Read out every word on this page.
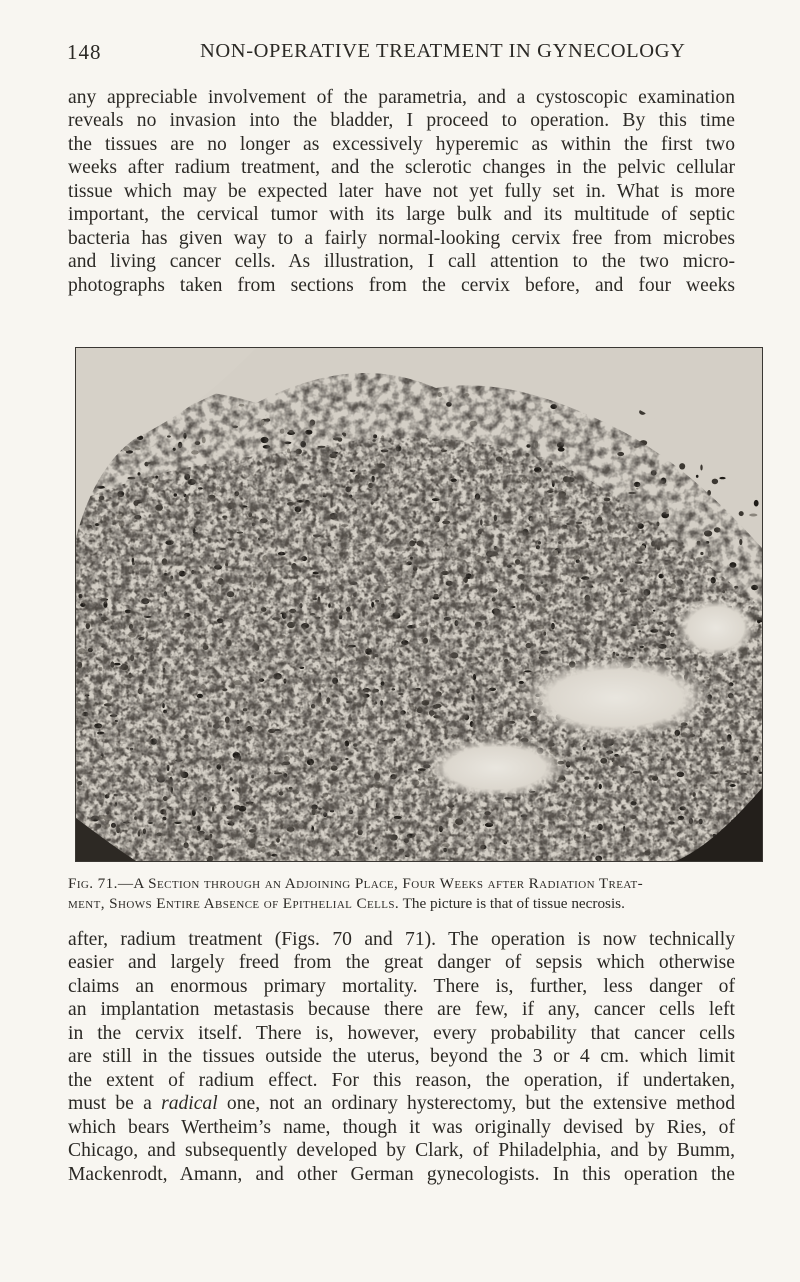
148	NON-OPERATIVE TREATMENT IN GYNECOLOGY

any appreciable involvement of the parametria, and a cystoscopic examination
reveals no invasion into the bladder, I proceed to operation. By this time
the tissues are no longer as excessively hyperemic as within the first two
weeks after radium treatment, and the sclerotic changes in the pelvic cellular
tissue which may be expected later have not yet fully set in. What is more
important, the cervical tumor with its large bulk and its multitude of septic
bacteria has given way to a fairly normal-looking cervix free from microbes
and living cancer cells. As illustration, I call attention to the two micro-
photographs taken from sections from the cervix before, and four weeks

Fig. 71.—A Section through an Adjoining Place, Four Weeks after Radiation Treat-
ment, Shows Entire Absence of Epithelial Cells. The picture is that of tissue necrosis.

after, radium treatment (Figs. 70 and 71). The operation is now technically
easier and largely freed from the great danger of sepsis which otherwise
claims an enormous primary mortality. There is, further, less danger of
an implantation metastasis because there are few, if any, cancer cells left
in the cervix itself. There is, however, every probability that cancer cells
are still in the tissues outside the uterus, beyond the 3 or 4 cm. which limit
the extent of radium effect. For this reason, the operation, if undertaken,
must be a radical one, not an ordinary hysterectomy, but the extensive method
which bears Wertheim’s name, though it was originally devised by Ries, of
Chicago, and subsequently developed by Clark, of Philadelphia, and by Bumm,
Mackenrodt, Amann, and other German gynecologists. In this operation the
